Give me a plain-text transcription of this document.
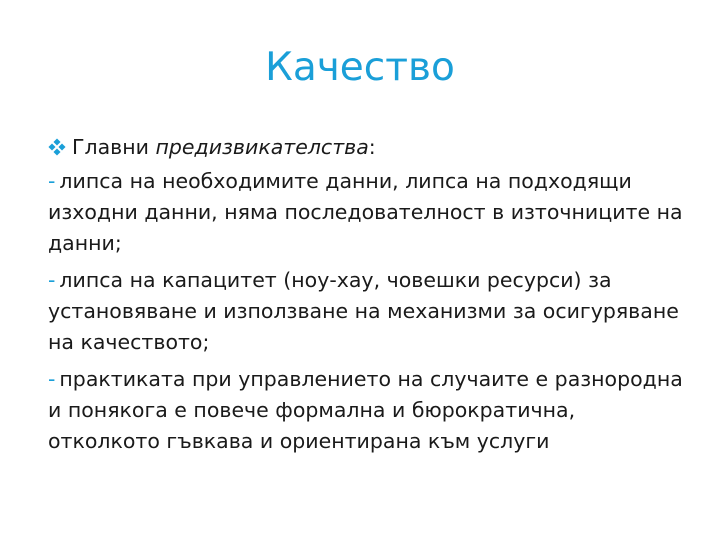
Качество
Главни предизвикателства:
- липса на необходимите данни, липса на подходящи изходни данни, няма последователност в източниците на данни;
- липса на капацитет (ноу-хау, човешки ресурси) за установяване и използване на механизми за осигуряване на качеството;
- практиката при управлението на случаите е разнородна и понякога е повече формална и бюрократична, отколкото гъвкава и ориентирана към услуги
